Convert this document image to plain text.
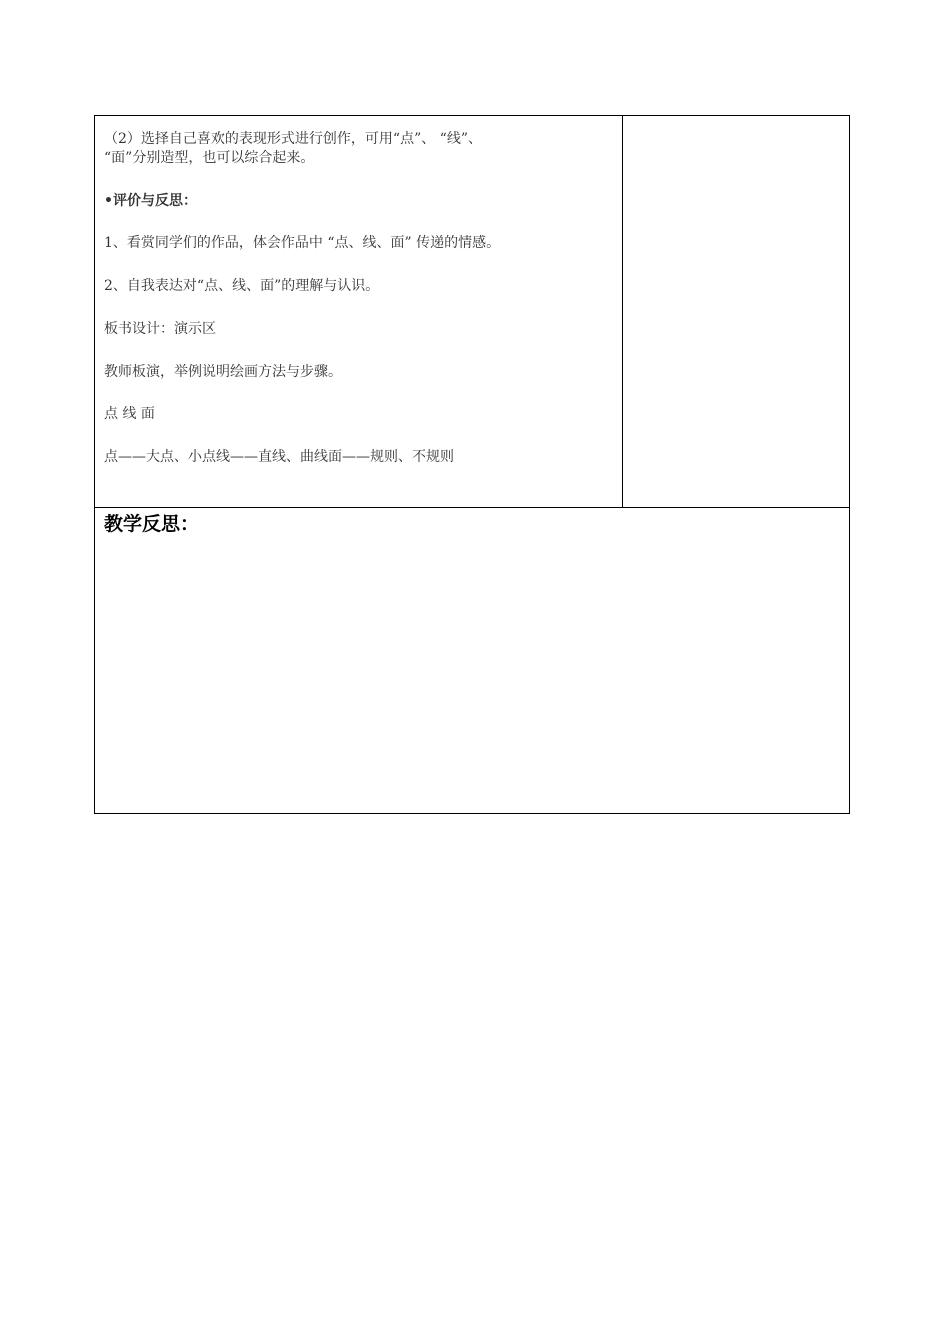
（2）选择自己喜欢的表现形式进行创作，可用“点”、 “线”、
“面”分别造型，也可以综合起来。
•评价与反思：
1、看赏同学们的作品，体会作品中 “点、线、面” 传递的情感。
2、自我表达对“点、线、面”的理解与认识。
板书设计：演示区
教师板演，举例说明绘画方法与步骤。
点 线 面
点——大点、小点线——直线、曲线面——规则、不规则
教学反思：
